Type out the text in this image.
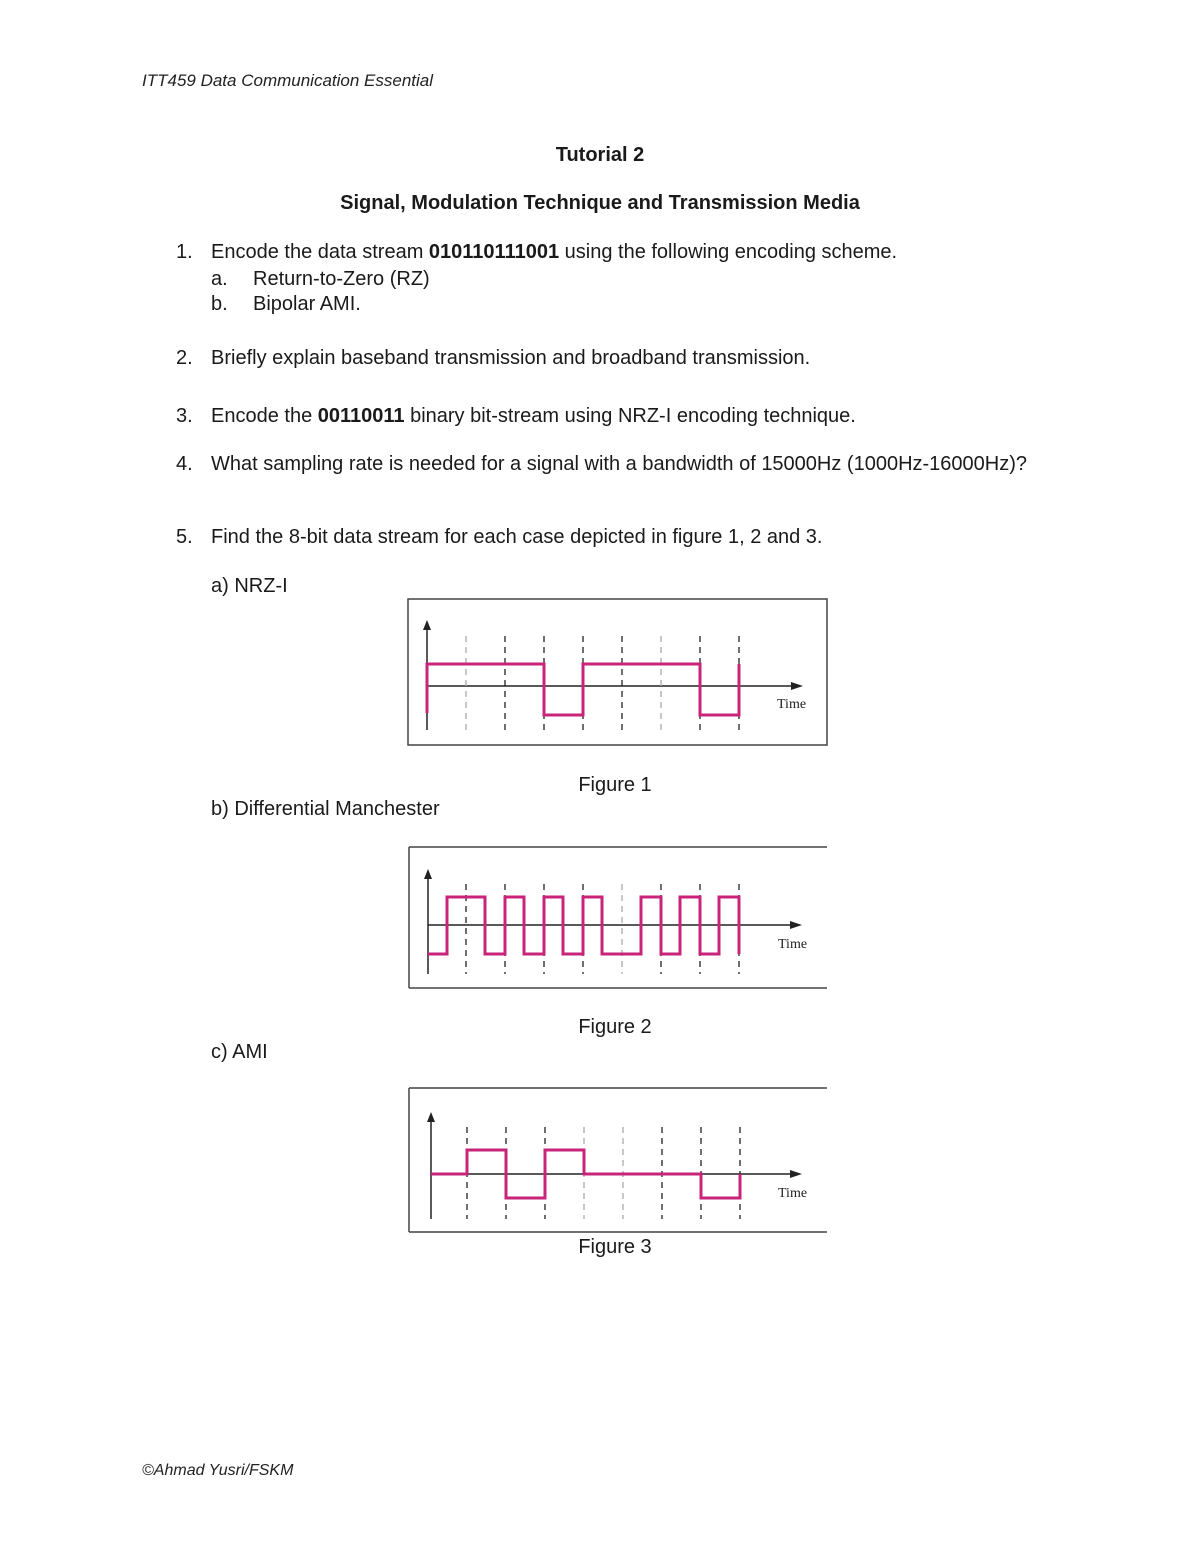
ITT459 Data Communication Essential
Tutorial 2
Signal, Modulation Technique and Transmission Media
1. Encode the data stream 010110111001 using the following encoding scheme.
a. Return-to-Zero (RZ)
b. Bipolar AMI.
2. Briefly explain baseband transmission and broadband transmission.
3. Encode the 00110011 binary bit-stream using NRZ-I encoding technique.
4. What sampling rate is needed for a signal with a bandwidth of 15000Hz (1000Hz-16000Hz)?
5. Find the 8-bit data stream for each case depicted in figure 1, 2 and 3.
a) NRZ-I
Time
Figure 1
b) Differential Manchester
Time
Figure 2
c) AMI
Time
Figure 3
©Ahmad Yusri/FSKM
